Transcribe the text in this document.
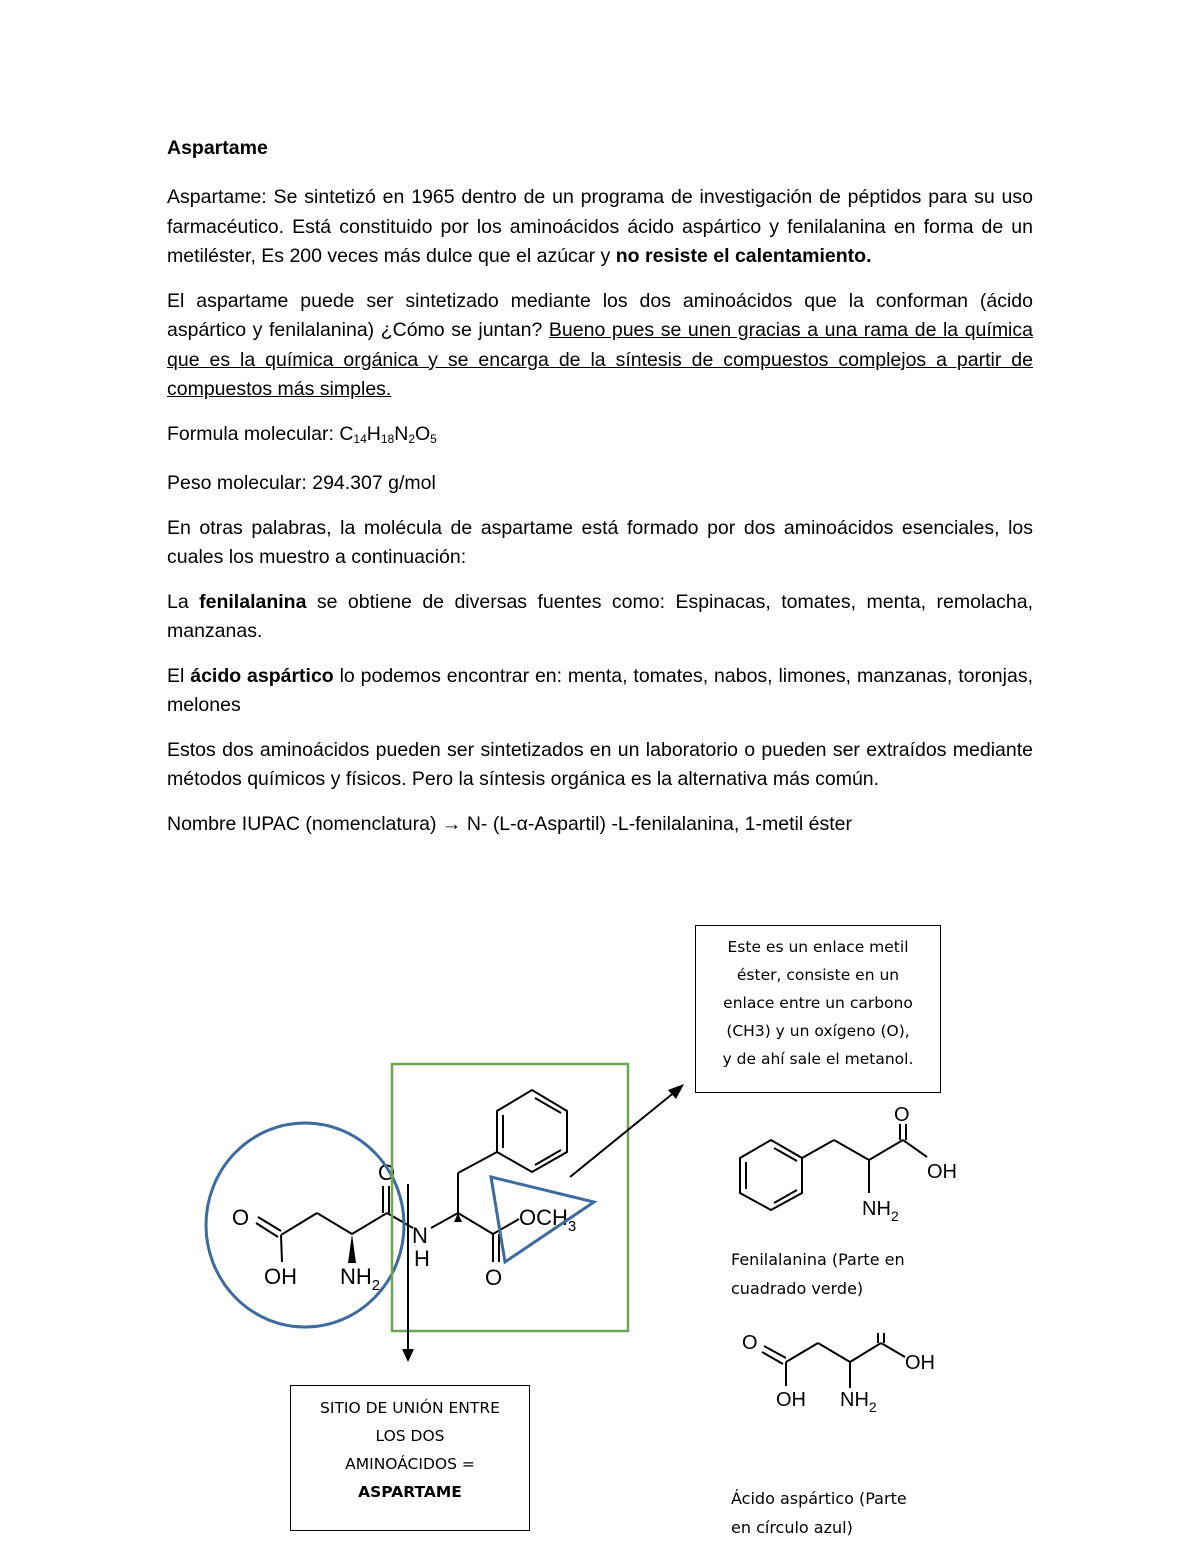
Aspartame

Aspartame: Se sintetizó en 1965 dentro de un programa de investigación de péptidos para su uso farmacéutico. Está constituido por los aminoácidos ácido aspártico y fenilalanina en forma de un metiléster, Es 200 veces más dulce que el azúcar y no resiste el calentamiento.

El aspartame puede ser sintetizado mediante los dos aminoácidos que la conforman (ácido aspártico y fenilalanina) ¿Cómo se juntan? Bueno pues se unen gracias a una rama de la química que es la química orgánica y se encarga de la síntesis de compuestos complejos a partir de compuestos más simples.

Formula molecular: $C_{14}H_{18}N_2O_5$

Peso molecular: 294.307 g/mol

En otras palabras, la molécula de aspartame está formado por dos aminoácidos esenciales, los cuales los muestro a continuación:

La fenilalanina se obtiene de diversas fuentes como: Espinacas, tomates, menta, remolacha, manzanas.

El ácido aspártico lo podemos encontrar en: menta, tomates, nabos, limones, manzanas, toronjas, melones

Estos dos aminoácidos pueden ser sintetizados en un laboratorio o pueden ser extraídos mediante métodos químicos y físicos. Pero la síntesis orgánica es la alternativa más común.

Nombre IUPAC (nomenclatura) → N- (L-α-Aspartil) -L-fenilalanina, 1-metil éster

O
OH $NH_2$
O
N
H
O
$OCH_3$
O
OH
$NH_2$
O
OH
OH $NH_2$
Este es un enlace metil
éster, consiste en un
enlace entre un carbono
(CH3) y un oxígeno (O),
y de ahí sale el metanol.
SITIO DE UNIÓN ENTRE
LOS DOS
AMINOÁCIDOS =
ASPARTAME
Fenilalanina (Parte en
cuadrado verde)
Ácido aspártico (Parte
en círculo azul)
